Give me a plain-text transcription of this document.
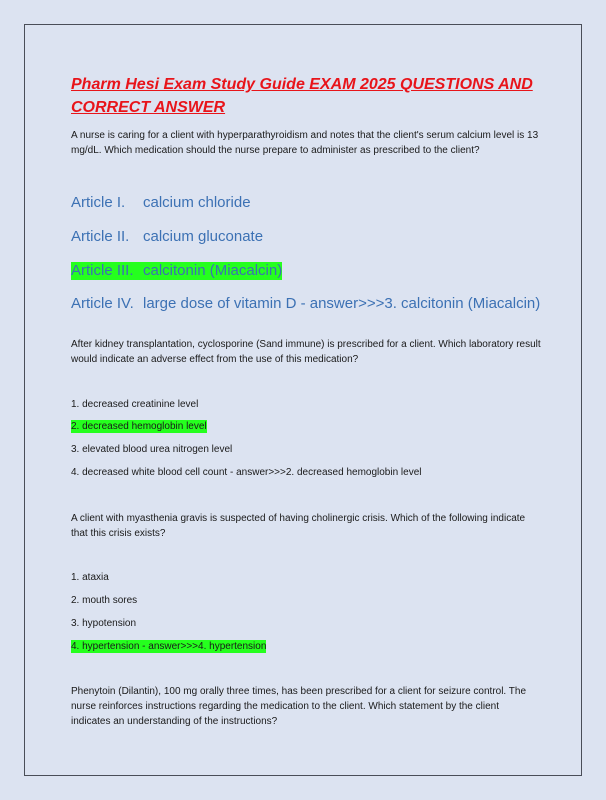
Pharm Hesi Exam Study Guide EXAM 2025 QUESTIONS AND CORRECT ANSWER

A nurse is caring for a client with hyperparathyroidism and notes that the client's serum calcium level is 13 mg/dL. Which medication should the nurse prepare to administer as prescribed to the client?

Article I.	calcium chloride
Article II. calcium gluconate
Article III. calcitonin (Miacalcin)
Article IV. large dose of vitamin D - answer>>>3. calcitonin (Miacalcin)

After kidney transplantation, cyclosporine (Sand immune) is prescribed for a client. Which laboratory result would indicate an adverse effect from the use of this medication?

1. decreased creatinine level
2. decreased hemoglobin level
3. elevated blood urea nitrogen level
4. decreased white blood cell count - answer>>>2. decreased hemoglobin level

A client with myasthenia gravis is suspected of having cholinergic crisis. Which of the following indicate that this crisis exists?

1. ataxia
2. mouth sores
3. hypotension
4. hypertension - answer>>>4. hypertension

Phenytoin (Dilantin), 100 mg orally three times, has been prescribed for a client for seizure control. The nurse reinforces instructions regarding the medication to the client. Which statement by the client indicates an understanding of the instructions?
